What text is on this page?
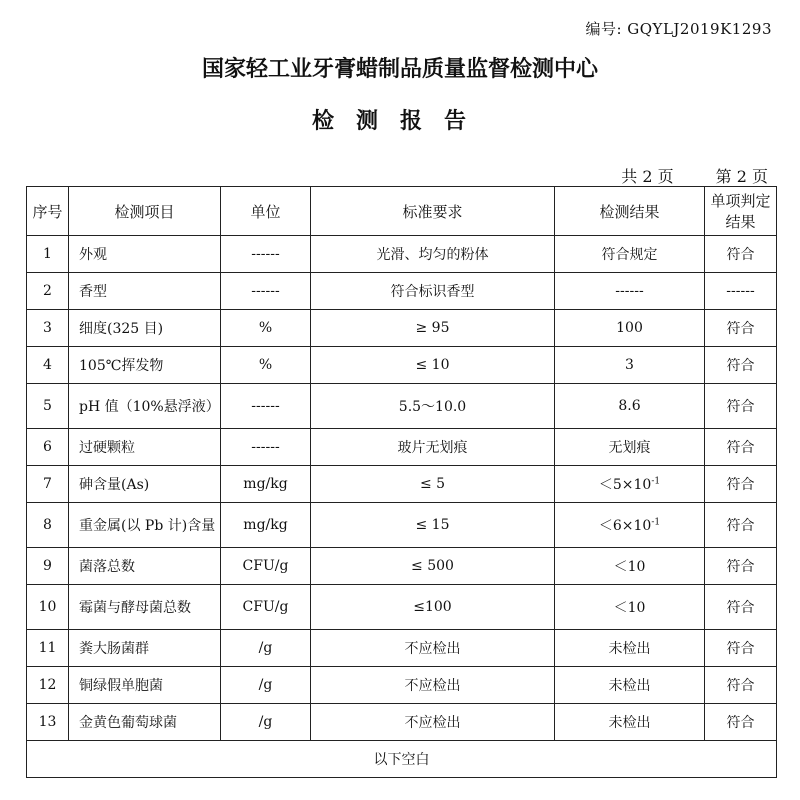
编号: GQYLJ2019K1293
国家轻工业牙膏蜡制品质量监督检测中心
检测报告
共 2 页	第 2 页
序号	检测项目	单位	标准要求	检测结果	单项判定结果
1	外观	------	光滑、均匀的粉体	符合规定	符合
2	香型	------	符合标识香型	------	------
3	细度(325 目)	%	≥ 95	100	符合
4	105℃挥发物	%	≤ 10	3	符合
5	pH 值（10%悬浮液）	------	5.5～10.0	8.6	符合
6	过硬颗粒	------	玻片无划痕	无划痕	符合
7	砷含量(As)	mg/kg	≤ 5	$<5\times 10^{-1}$	符合
8	重金属(以 Pb 计)含量	mg/kg	≤ 15	$<6\times 10^{-1}$	符合
9	菌落总数	CFU/g	≤ 500	＜10	符合
10	霉菌与酵母菌总数	CFU/g	≤100	＜10	符合
11	粪大肠菌群	/g	不应检出	未检出	符合
12	铜绿假单胞菌	/g	不应检出	未检出	符合
13	金黄色葡萄球菌	/g	不应检出	未检出	符合
以下空白					
